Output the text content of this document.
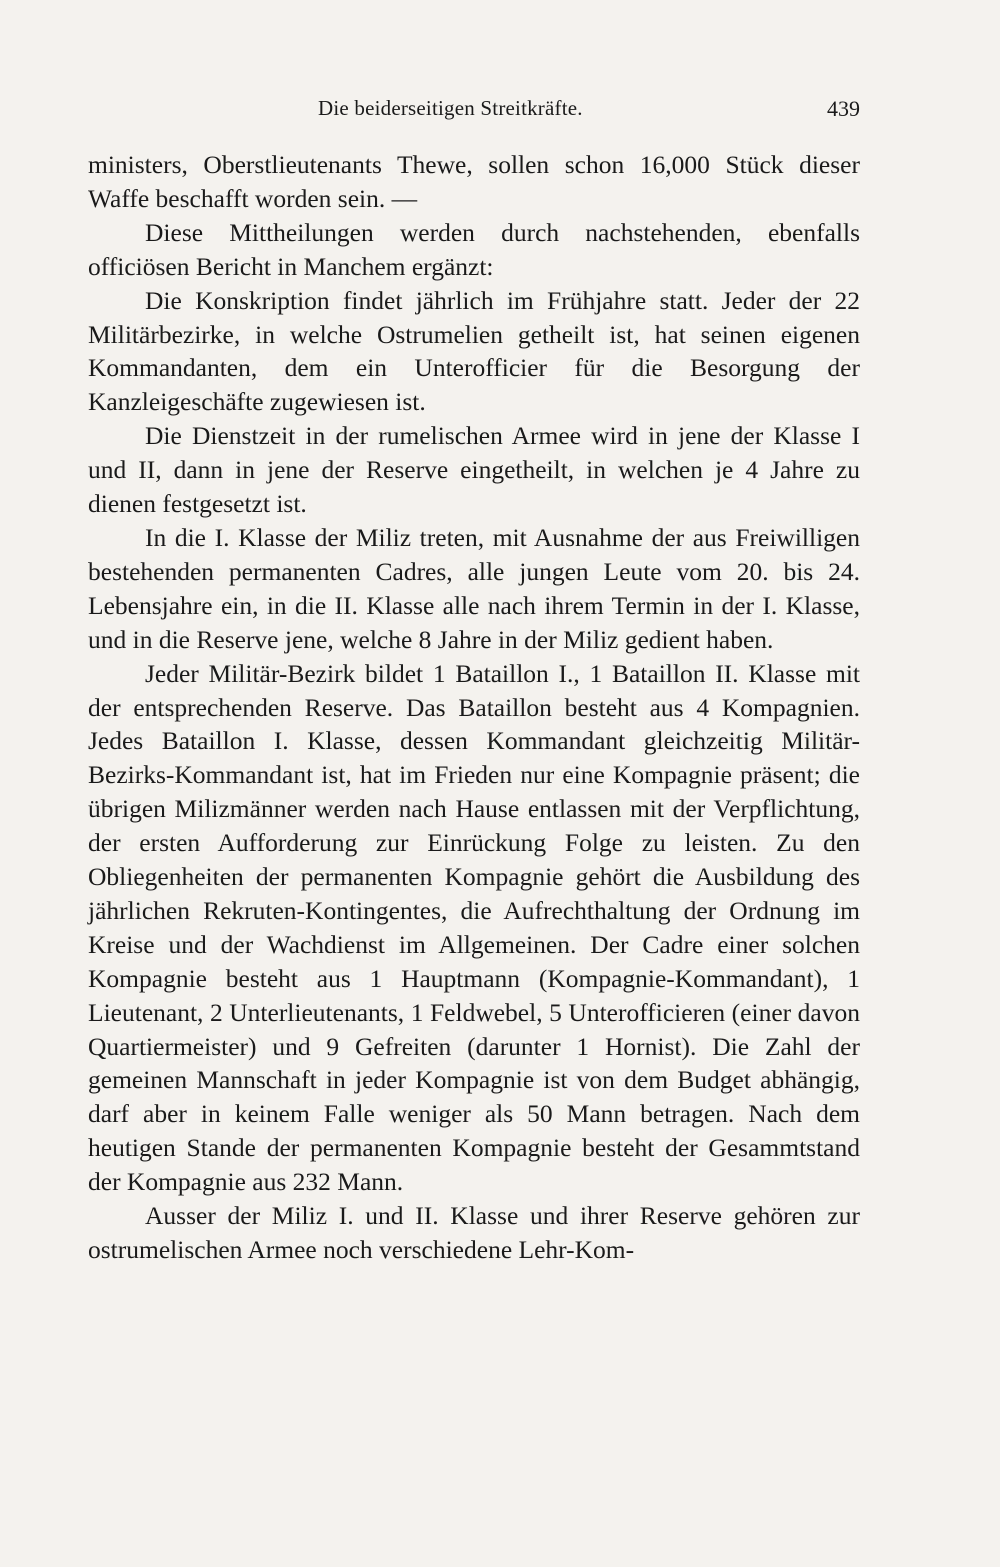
Die beiderseitigen Streitkräfte.	439

ministers, Oberstlieutenants Thewe, sollen schon 16,000 Stück dieser Waffe beschafft worden sein. —

Diese Mittheilungen werden durch nachstehenden, ebenfalls officiösen Bericht in Manchem ergänzt:

Die Konskription findet jährlich im Frühjahre statt. Jeder der 22 Militärbezirke, in welche Ostrumelien getheilt ist, hat seinen eigenen Kommandanten, dem ein Unterofficier für die Besorgung der Kanzleigeschäfte zugewiesen ist.

Die Dienstzeit in der rumelischen Armee wird in jene der Klasse I und II, dann in jene der Reserve eingetheilt, in welchen je 4 Jahre zu dienen festgesetzt ist.

In die I. Klasse der Miliz treten, mit Ausnahme der aus Freiwilligen bestehenden permanenten Cadres, alle jungen Leute vom 20. bis 24. Lebensjahre ein, in die II. Klasse alle nach ihrem Termin in der I. Klasse, und in die Reserve jene, welche 8 Jahre in der Miliz gedient haben.

Jeder Militär-Bezirk bildet 1 Bataillon I., 1 Bataillon II. Klasse mit der entsprechenden Reserve. Das Bataillon besteht aus 4 Kompagnien. Jedes Bataillon I. Klasse, dessen Kommandant gleichzeitig Militär-Bezirks-Kommandant ist, hat im Frieden nur eine Kompagnie präsent; die übrigen Milizmänner werden nach Hause entlassen mit der Verpflichtung, der ersten Aufforderung zur Einrückung Folge zu leisten. Zu den Obliegenheiten der permanenten Kompagnie gehört die Ausbildung des jährlichen Rekruten-Kontingentes, die Aufrechthaltung der Ordnung im Kreise und der Wachdienst im Allgemeinen. Der Cadre einer solchen Kompagnie besteht aus 1 Hauptmann (Kompagnie-Kommandant), 1 Lieutenant, 2 Unterlieutenants, 1 Feldwebel, 5 Unterofficieren (einer davon Quartiermeister) und 9 Gefreiten (darunter 1 Hornist). Die Zahl der gemeinen Mannschaft in jeder Kompagnie ist von dem Budget abhängig, darf aber in keinem Falle weniger als 50 Mann betragen. Nach dem heutigen Stande der permanenten Kompagnie besteht der Gesammtstand der Kompagnie aus 232 Mann.

Ausser der Miliz I. und II. Klasse und ihrer Reserve gehören zur ostrumelischen Armee noch verschiedene Lehr-Kom-
